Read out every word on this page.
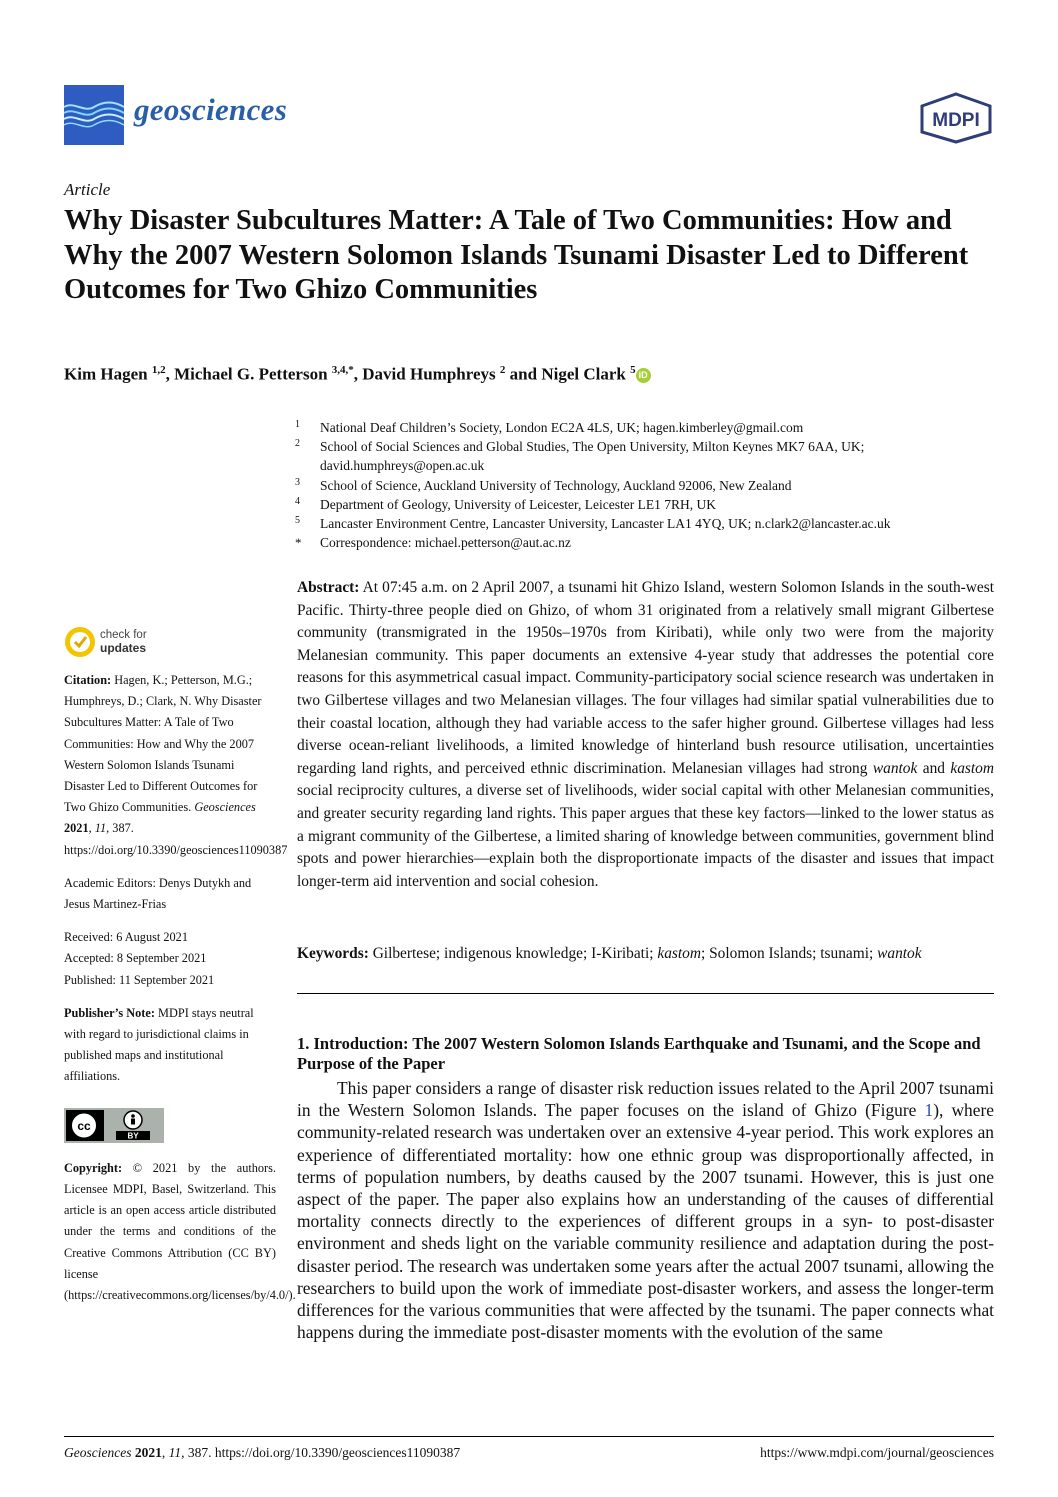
geosciences	MDPI
Article
Why Disaster Subcultures Matter: A Tale of Two Communities: How and Why the 2007 Western Solomon Islands Tsunami Disaster Led to Different Outcomes for Two Ghizo Communities
Kim Hagen $^{1,2}$, Michael G. Petterson $^{3,4,*}$, David Humphreys $^2$ and Nigel Clark $^5$ iD
1 National Deaf Children’s Society, London EC2A 4LS, UK; hagen.kimberley@gmail.com
2 School of Social Sciences and Global Studies, The Open University, Milton Keynes MK7 6AA, UK; david.humphreys@open.ac.uk
3 School of Science, Auckland University of Technology, Auckland 92006, New Zealand
4 Department of Geology, University of Leicester, Leicester LE1 7RH, UK
5 Lancaster Environment Centre, Lancaster University, Lancaster LA1 4YQ, UK; n.clark2@lancaster.ac.uk
* Correspondence: michael.petterson@aut.ac.nz
check for
updates
Citation: Hagen, K.; Petterson, M.G.; Humphreys, D.; Clark, N. Why Disaster Subcultures Matter: A Tale of Two Communities: How and Why the 2007 Western Solomon Islands Tsunami Disaster Led to Different Outcomes for Two Ghizo Communities. Geosciences 2021, 11, 387. https://doi.org/10.3390/geosciences11090387
Academic Editors: Denys Dutykh and Jesus Martinez-Frias
Received: 6 August 2021
Accepted: 8 September 2021
Published: 11 September 2021
Publisher’s Note: MDPI stays neutral with regard to jurisdictional claims in published maps and institutional affiliations.
cc
BY
Copyright: © 2021 by the authors. Licensee MDPI, Basel, Switzerland. This article is an open access article distributed under the terms and conditions of the Creative Commons Attribution (CC BY) license (https://creativecommons.org/licenses/by/4.0/).

Abstract: At 07:45 a.m. on 2 April 2007, a tsunami hit Ghizo Island, western Solomon Islands in the south-west Pacific. Thirty-three people died on Ghizo, of whom 31 originated from a relatively small migrant Gilbertese community (transmigrated in the 1950s–1970s from Kiribati), while only two were from the majority Melanesian community. This paper documents an extensive 4-year study that addresses the potential core reasons for this asymmetrical casual impact. Community-participatory social science research was undertaken in two Gilbertese villages and two Melanesian villages. The four villages had similar spatial vulnerabilities due to their coastal location, although they had variable access to the safer higher ground. Gilbertese villages had less diverse ocean-reliant livelihoods, a limited knowledge of hinterland bush resource utilisation, uncertainties regarding land rights, and perceived ethnic discrimination. Melanesian villages had strong wantok and kastom social reciprocity cultures, a diverse set of livelihoods, wider social capital with other Melanesian communities, and greater security regarding land rights. This paper argues that these key factors—linked to the lower status as a migrant community of the Gilbertese, a limited sharing of knowledge between communities, government blind spots and power hierarchies—explain both the disproportionate impacts of the disaster and issues that impact longer-term aid intervention and social cohesion.

Keywords: Gilbertese; indigenous knowledge; I-Kiribati; kastom; Solomon Islands; tsunami; wantok
1. Introduction: The 2007 Western Solomon Islands Earthquake and Tsunami, and the Scope and Purpose of the Paper

This paper considers a range of disaster risk reduction issues related to the April 2007 tsunami in the Western Solomon Islands. The paper focuses on the island of Ghizo (Figure 1), where community-related research was undertaken over an extensive 4-year period. This work explores an experience of differentiated mortality: how one ethnic group was disproportionally affected, in terms of population numbers, by deaths caused by the 2007 tsunami. However, this is just one aspect of the paper. The paper also explains how an understanding of the causes of differential mortality connects directly to the experiences of different groups in a syn- to post-disaster environment and sheds light on the variable community resilience and adaptation during the post-disaster period. The research was undertaken some years after the actual 2007 tsunami, allowing the researchers to build upon the work of immediate post-disaster workers, and assess the longer-term differences for the various communities that were affected by the tsunami. The paper connects what happens during the immediate post-disaster moments with the evolution of the same

Geosciences 2021, 11, 387. https://doi.org/10.3390/geosciences11090387	https://www.mdpi.com/journal/geosciences
